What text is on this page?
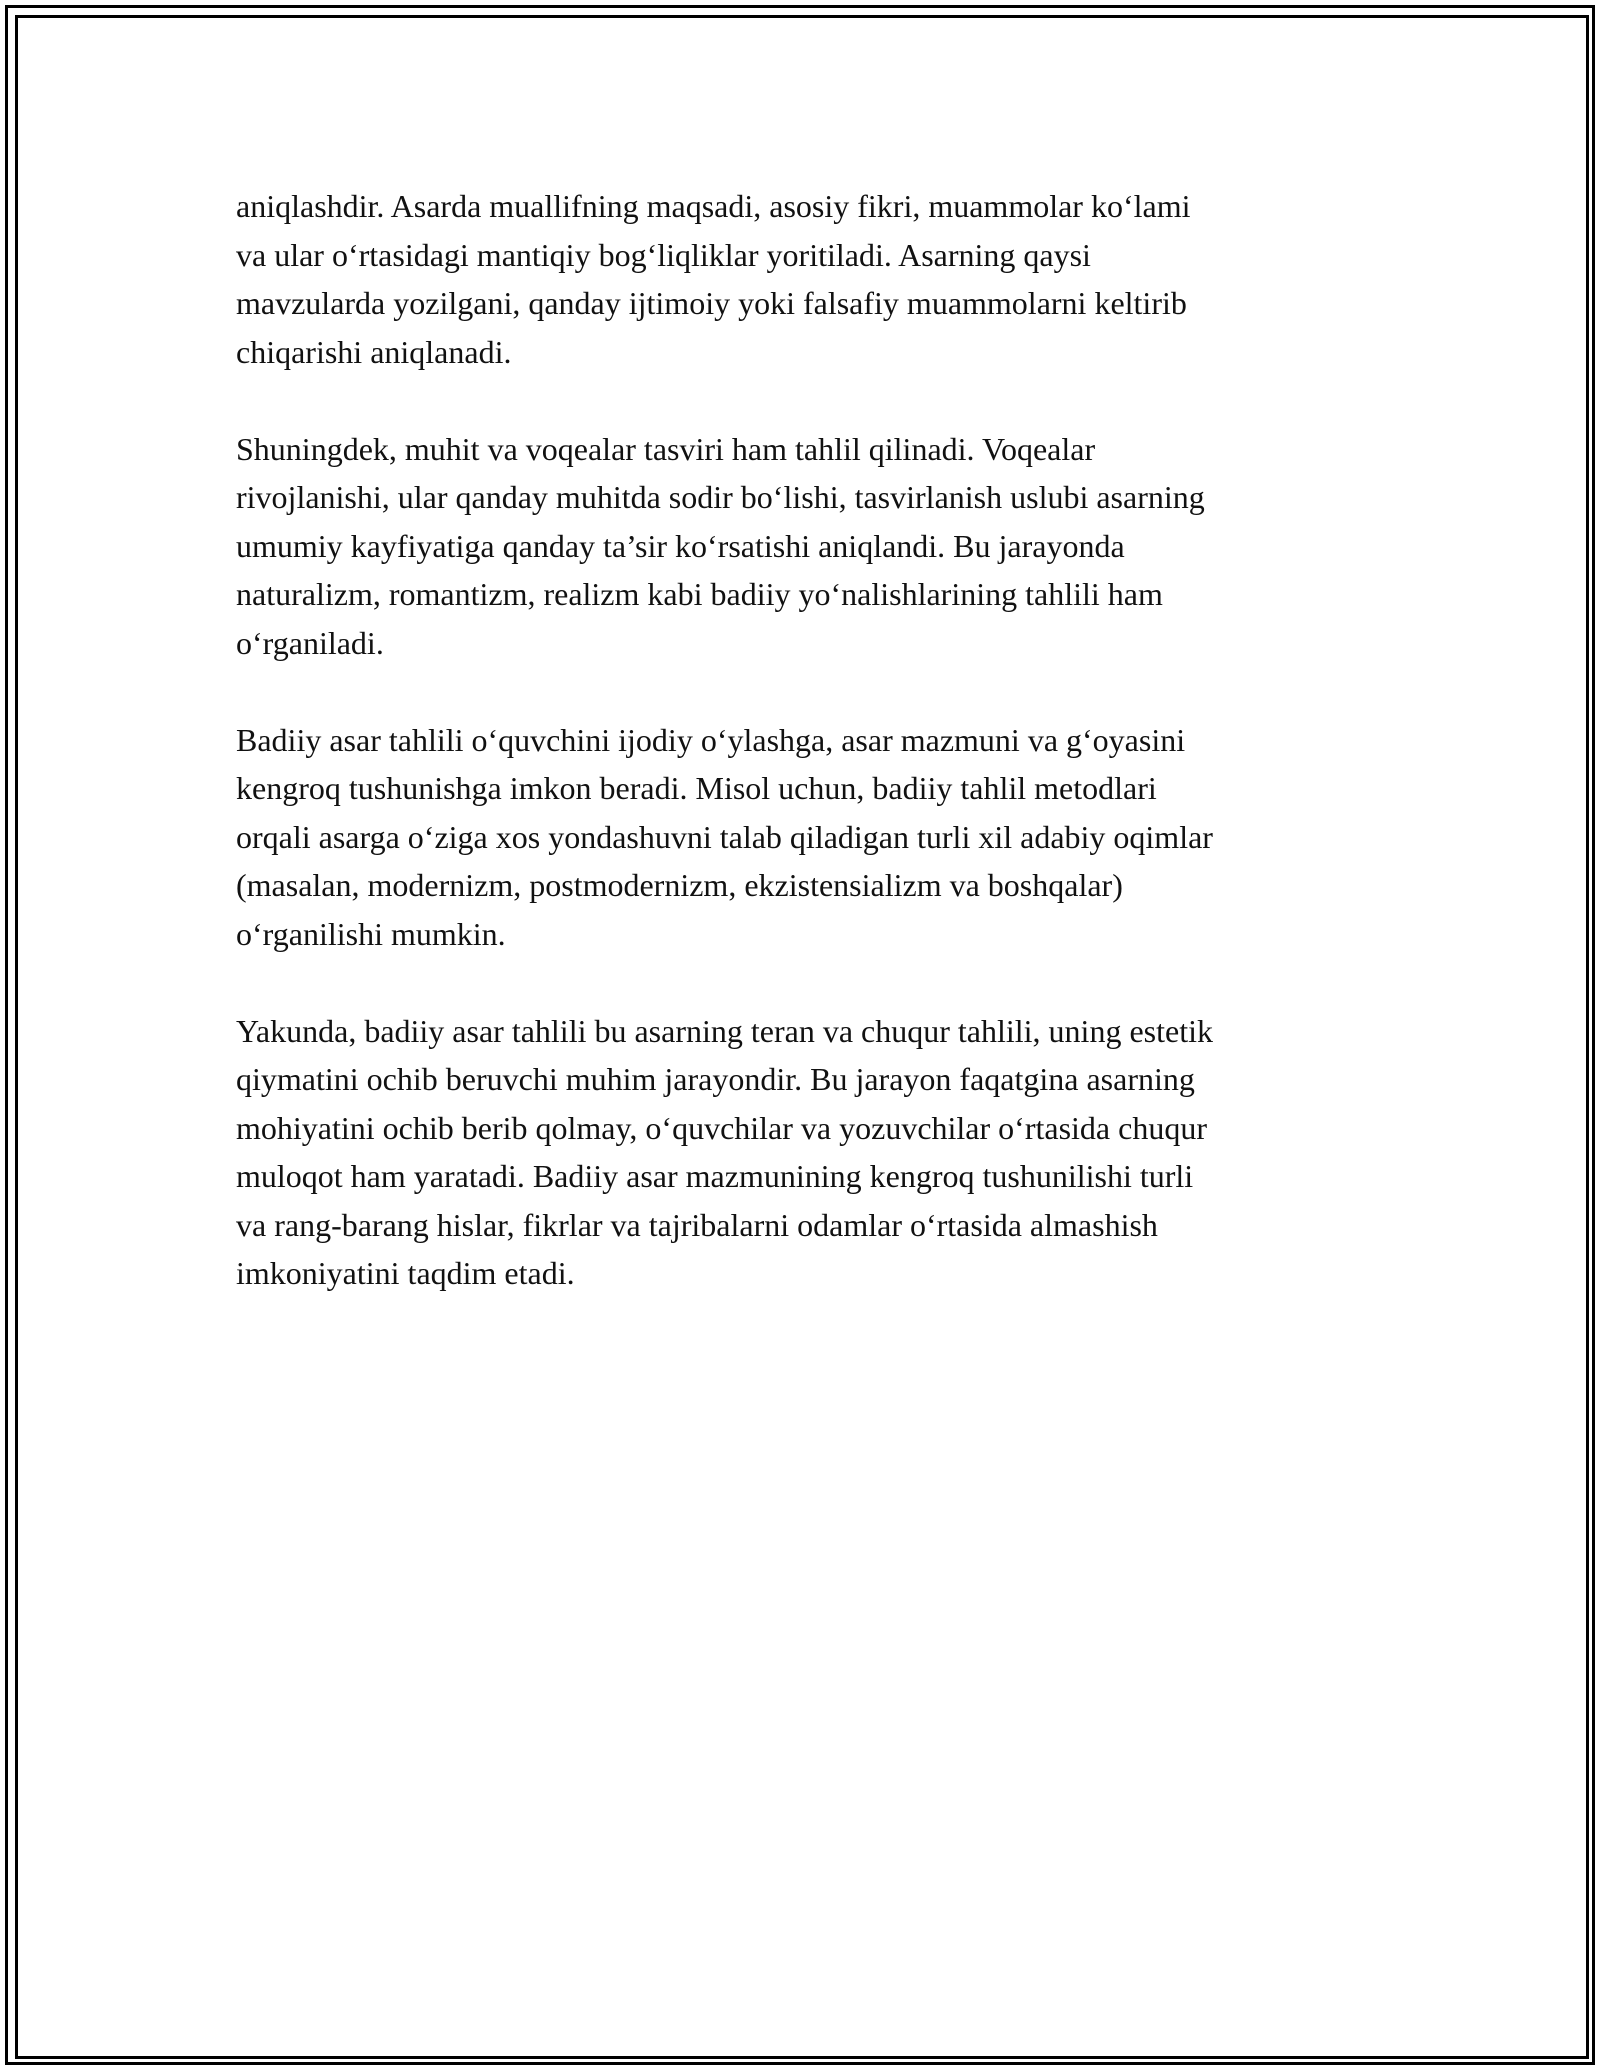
aniqlashdir. Asarda muallifning maqsadi, asosiy fikri, muammolar ko‘lami
va ular o‘rtasidagi mantiqiy bog‘liqliklar yoritiladi. Asarning qaysi
mavzularda yozilgani, qanday ijtimoiy yoki falsafiy muammolarni keltirib
chiqarishi aniqlanadi.

Shuningdek, muhit va voqealar tasviri ham tahlil qilinadi. Voqealar
rivojlanishi, ular qanday muhitda sodir bo‘lishi, tasvirlanish uslubi asarning
umumiy kayfiyatiga qanday ta’sir ko‘rsatishi aniqlandi. Bu jarayonda
naturalizm, romantizm, realizm kabi badiiy yo‘nalishlarining tahlili ham
o‘rganiladi.

Badiiy asar tahlili o‘quvchini ijodiy o‘ylashga, asar mazmuni va g‘oyasini
kengroq tushunishga imkon beradi. Misol uchun, badiiy tahlil metodlari
orqali asarga o‘ziga xos yondashuvni talab qiladigan turli xil adabiy oqimlar
(masalan, modernizm, postmodernizm, ekzistensializm va boshqalar)
o‘rganilishi mumkin.

Yakunda, badiiy asar tahlili bu asarning teran va chuqur tahlili, uning estetik
qiymatini ochib beruvchi muhim jarayondir. Bu jarayon faqatgina asarning
mohiyatini ochib berib qolmay, o‘quvchilar va yozuvchilar o‘rtasida chuqur
muloqot ham yaratadi. Badiiy asar mazmunining kengroq tushunilishi turli
va rang-barang hislar, fikrlar va tajribalarni odamlar o‘rtasida almashish
imkoniyatini taqdim etadi.
